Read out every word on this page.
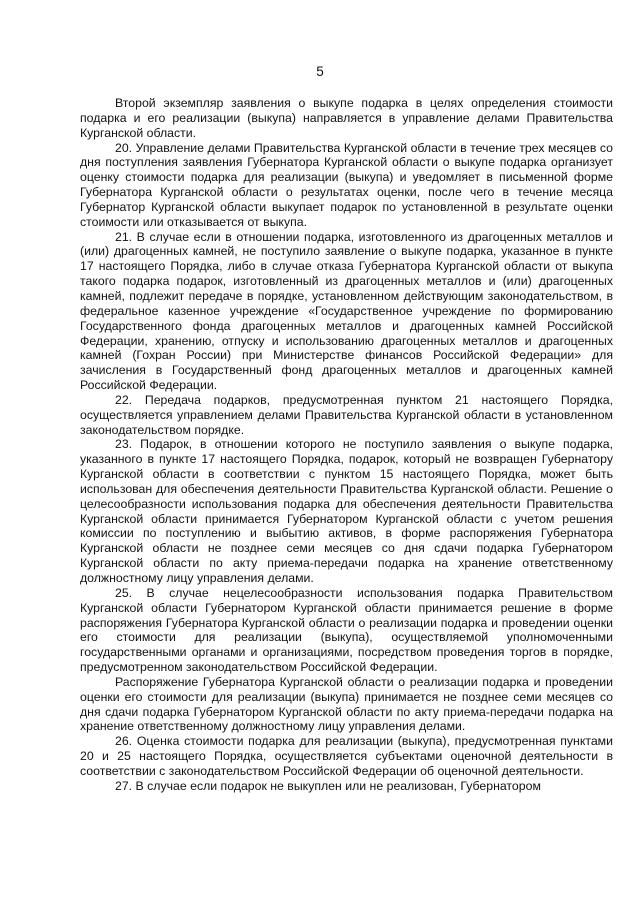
5

Второй экземпляр заявления о выкупе подарка в целях определения стоимости подарка и его реализации (выкупа) направляется в управление делами Правительства Курганской области.

20. Управление делами Правительства Курганской области в течение трех месяцев со дня поступления заявления Губернатора Курганской области о выкупе подарка организует оценку стоимости подарка для реализации (выкупа) и уведомляет в письменной форме Губернатора Курганской области о результатах оценки, после чего в течение месяца Губернатор Курганской области выкупает подарок по установленной в результате оценки стоимости или отказывается от выкупа.

21. В случае если в отношении подарка, изготовленного из драгоценных металлов и (или) драгоценных камней, не поступило заявление о выкупе подарка, указанное в пункте 17 настоящего Порядка, либо в случае отказа Губернатора Курганской области от выкупа такого подарка подарок, изготовленный из драгоценных металлов и (или) драгоценных камней, подлежит передаче в порядке, установленном действующим законодательством, в федеральное казенное учреждение «Государственное учреждение по формированию Государственного фонда драгоценных металлов и драгоценных камней Российской Федерации, хранению, отпуску и использованию драгоценных металлов и драгоценных камней (Гохран России) при Министерстве финансов Российской Федерации» для зачисления в Государственный фонд драгоценных металлов и драгоценных камней Российской Федерации.

22. Передача подарков, предусмотренная пунктом 21 настоящего Порядка, осуществляется управлением делами Правительства Курганской области в установленном законодательством порядке.

23. Подарок, в отношении которого не поступило заявления о выкупе подарка, указанного в пункте 17 настоящего Порядка, подарок, который не возвращен Губернатору Курганской области в соответствии с пунктом 15 настоящего Порядка, может быть использован для обеспечения деятельности Правительства Курганской области. Решение о целесообразности использования подарка для обеспечения деятельности Правительства Курганской области принимается Губернатором Курганской области с учетом решения комиссии по поступлению и выбытию активов, в форме распоряжения Губернатора Курганской области не позднее семи месяцев со дня сдачи подарка Губернатором Курганской области по акту приема-передачи подарка на хранение ответственному должностному лицу управления делами.

25. В случае нецелесообразности использования подарка Правительством Курганской области Губернатором Курганской области принимается решение в форме распоряжения Губернатора Курганской области о реализации подарка и проведении оценки его стоимости для реализации (выкупа), осуществляемой уполномоченными государственными органами и организациями, посредством проведения торгов в порядке, предусмотренном законодательством Российской Федерации.

Распоряжение Губернатора Курганской области о реализации подарка и проведении оценки его стоимости для реализации (выкупа) принимается не позднее семи месяцев со дня сдачи подарка Губернатором Курганской области по акту приема-передачи подарка на хранение ответственному должностному лицу управления делами.

26. Оценка стоимости подарка для реализации (выкупа), предусмотренная пунктами 20 и 25 настоящего Порядка, осуществляется субъектами оценочной деятельности в соответствии с законодательством Российской Федерации об оценочной деятельности.

27. В случае если подарок не выкуплен или не реализован, Губернатором
